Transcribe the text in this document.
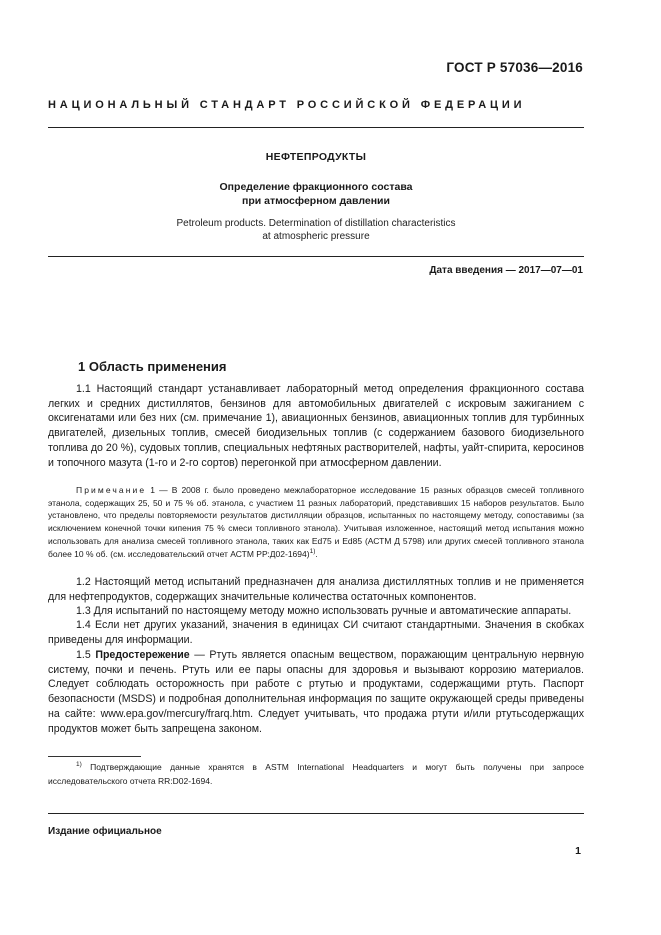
ГОСТ Р 57036—2016
НАЦИОНАЛЬНЫЙ СТАНДАРТ РОССИЙСКОЙ ФЕДЕРАЦИИ
НЕФТЕПРОДУКТЫ
Определение фракционного состава
при атмосферном давлении
Petroleum products. Determination of distillation characteristics
at atmospheric pressure
Дата введения — 2017—07—01
1 Область применения
1.1 Настоящий стандарт устанавливает лабораторный метод определения фракционного состава легких и средних дистиллятов, бензинов для автомобильных двигателей с искровым зажиганием с оксигенатами или без них (см. примечание 1), авиационных бензинов, авиационных топлив для турбинных двигателей, дизельных топлив, смесей биодизельных топлив (с содержанием базового биодизельного топлива до 20 %), судовых топлив, специальных нефтяных растворителей, нафты, уайт-спирита, керосинов и топочного мазута (1-го и 2-го сортов) перегонкой при атмосферном давлении.
Примечание 1 — В 2008 г. было проведено межлабораторное исследование 15 разных образцов смесей топливного этанола, содержащих 25, 50 и 75 % об. этанола, с участием 11 разных лабораторий, представивших 15 наборов результатов. Было установлено, что пределы повторяемости результатов дистилляции образцов, испытанных по настоящему методу, сопоставимы (за исключением конечной точки кипения 75 % смеси топливного этанола). Учитывая изложенное, настоящий метод испытания можно использовать для анализа смесей топливного этанола, таких как Ed75 и Ed85 (АСТМ Д 5798) или других смесей топливного этанола более 10 % об. (см. исследовательский отчет АСТМ РР:Д02-1694)$^{1)}$.
1.2 Настоящий метод испытаний предназначен для анализа дистиллятных топлив и не применяется для нефтепродуктов, содержащих значительные количества остаточных компонентов.
1.3 Для испытаний по настоящему методу можно использовать ручные и автоматические аппараты.
1.4 Если нет других указаний, значения в единицах СИ считают стандартными. Значения в скобках приведены для информации.
1.5 Предостережение — Ртуть является опасным веществом, поражающим центральную нервную систему, почки и печень. Ртуть или ее пары опасны для здоровья и вызывают коррозию материалов. Следует соблюдать осторожность при работе с ртутью и продуктами, содержащими ртуть. Паспорт безопасности (MSDS) и подробная дополнительная информация по защите окружающей среды приведены на сайте: www.epa.gov/mercury/frarq.htm. Следует учитывать, что продажа ртути и/или ртутьсодержащих продуктов может быть запрещена законом.
$^{1)}$ Подтверждающие данные хранятся в ASTM International Headquarters и могут быть получены при запросе исследовательского отчета RR:D02-1694.
Издание официальное
1
